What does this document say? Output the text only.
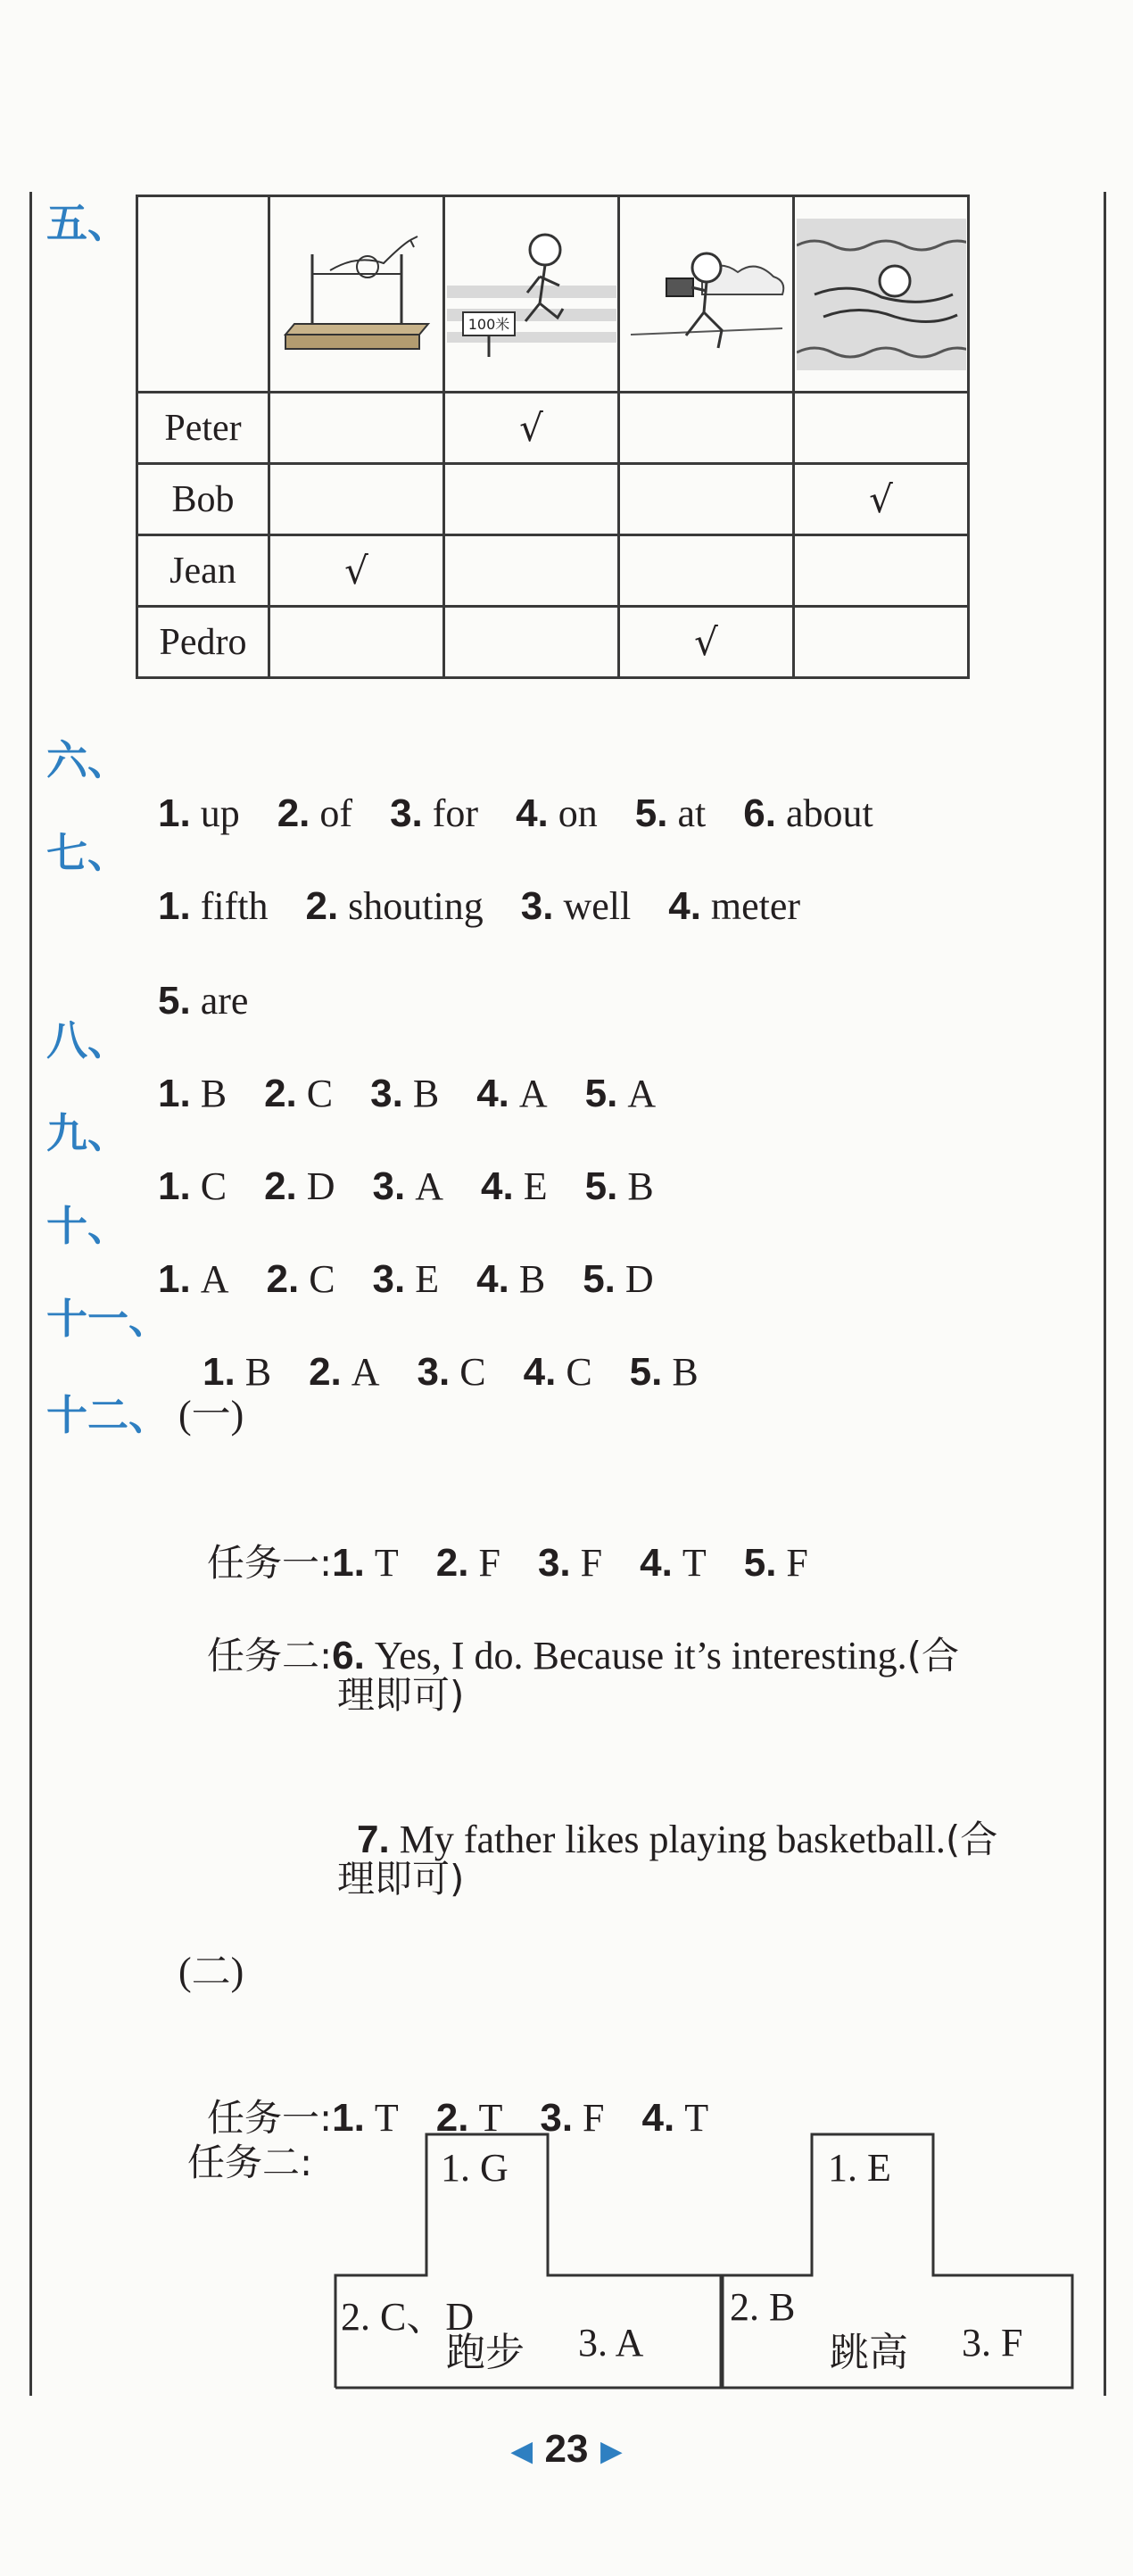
五、

100米

Peter		√		
Bob				√
Jean	√			
Pedro			√	
六、

1. up 2. of 3. for 4. on 5. at 6. about

七、

1. fifth 2. shouting 3. well 4. meter

5. are

八、

1. B 2. C 3. B 4. A 5. A

九、

1. C 2. D 3. A 4. E 5. B

十、

1. A 2. C 3. E 4. B 5. D

十一、

1. B 2. A 3. C 4. C 5. B

十二、 (一)

任务一:1. T 2. F 3. F 4. T 5. F

任务二:6. Yes, I do. Because it’s interesting.(合

理即可)

7. My father likes playing basketball.(合

理即可)
(二)

任务一:1. T 2. T 3. F 4. T

任务二:	1. G
2. C、D
跑步 3. A
1. E
2. B
跳高 3. F
◀ 23 ▶
